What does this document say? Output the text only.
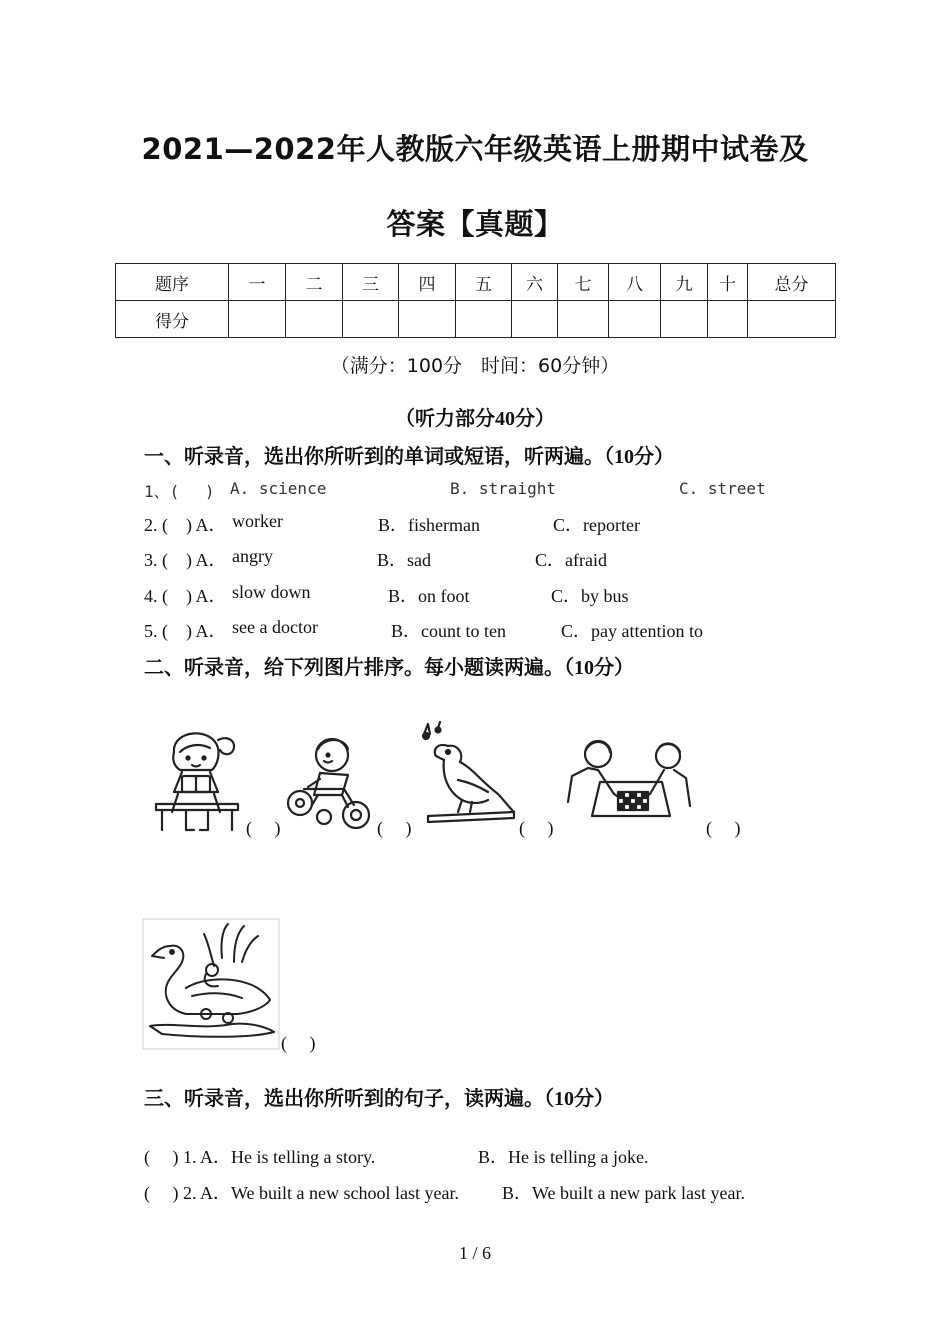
2021—2022年人教版六年级英语上册期中试卷及
答案【真题】
题序	一	二	三	四	五	六	七	八	九	十	总分
得分											
（满分：100分　时间：60分钟）
（听力部分40分）
一、听录音，选出你所听到的单词或短语，听两遍。（10分）
1、(　 ) A. science	B. straight	C. street
2. (　) A． worker	B．fisherman	C．reporter
3. (　) A． angry	B．sad	C．afraid
4. (　) A． slow down	B．on foot	C．by bus
5. (　) A． see a doctor	B．count to ten	C．pay attention to
二、听录音，给下列图片排序。每小题读两遍。（10分）
(　 )	(　 )	(　 )	(　 )
(　 )
三、听录音，选出你所听到的句子，读两遍。（10分）
(　 ) 1. A．He is telling a story.	B．He is telling a joke.
(　 ) 2. A．We built a new school last year. B．We built a new park last year.
1 / 6
